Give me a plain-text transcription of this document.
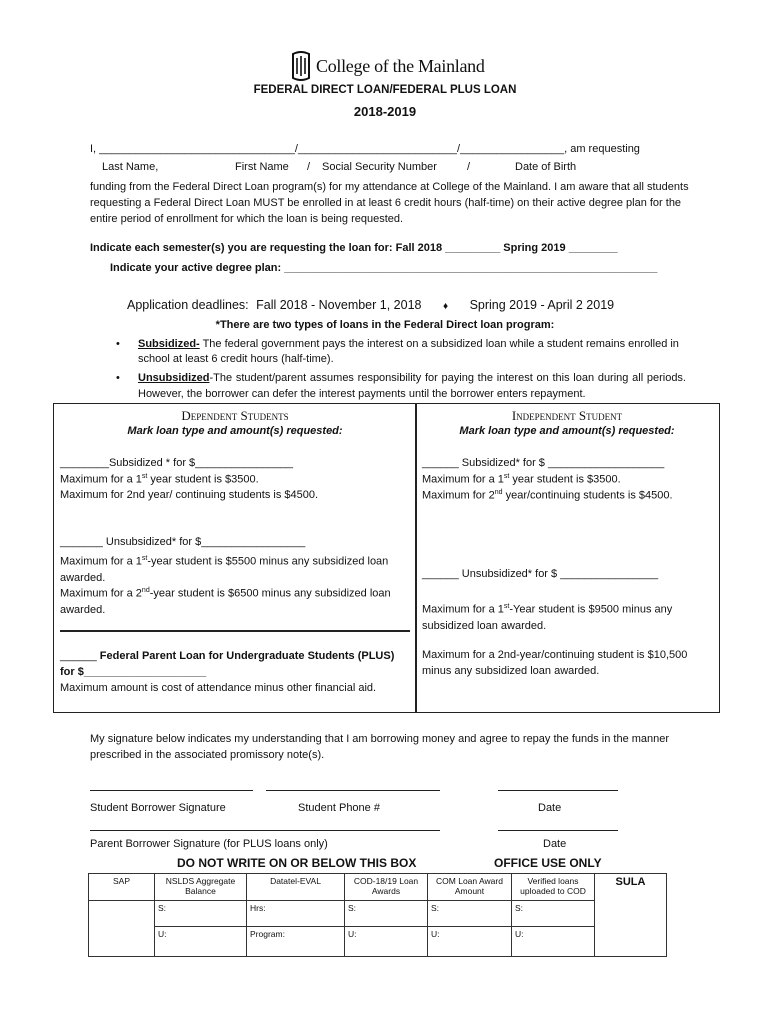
College of the Mainland
FEDERAL DIRECT LOAN/FEDERAL PLUS LOAN
2018-2019
I, ________________________________/__________________________/_________________, am requesting
Last Name,	First Name / Social Security Number	/	Date of Birth
funding from the Federal Direct Loan program(s) for my attendance at College of the Mainland. I am aware that all students requesting a Federal Direct Loan MUST be enrolled in at least 6 credit hours (half-time) on their active degree plan for the entire period of enrollment for which the loan is being requested.
Indicate each semester(s) you are requesting the loan for: Fall 2018 _________ Spring 2019 ________
Indicate your active degree plan: _____________________________________________________________
Application deadlines: Fall 2018 - November 1, 2018 ♦ Spring 2019 - April 2 2019
*There are two types of loans in the Federal Direct loan program:
• Subsidized- The federal government pays the interest on a subsidized loan while a student remains enrolled in school at least 6 credit hours (half-time).
• Unsubsidized-The student/parent assumes responsibility for paying the interest on this loan during all periods. However, the borrower can defer the interest payments until the borrower enters repayment.
Dependent Students
Mark loan type and amount(s) requested:
________Subsidized * for $________________
Maximum for a 1st year student is $3500.
Maximum for 2nd year/ continuing students is $4500.
_______ Unsubsidized* for $_________________
Maximum for a 1st-year student is $5500 minus any subsidized loan awarded.
Maximum for a 2nd-year student is $6500 minus any subsidized loan awarded.
______ Federal Parent Loan for Undergraduate Students (PLUS)
for $____________________
Maximum amount is cost of attendance minus other financial aid.
Independent Student
Mark loan type and amount(s) requested:
______ Subsidized* for $ ___________________
Maximum for a 1st year student is $3500.
Maximum for 2nd year/continuing students is $4500.
______ Unsubsidized* for $ ________________
Maximum for a 1st-Year student is $9500 minus any subsidized loan awarded.
Maximum for a 2nd-year/continuing student is $10,500 minus any subsidized loan awarded.
My signature below indicates my understanding that I am borrowing money and agree to repay the funds in the manner prescribed in the associated promissory note(s).
Student Borrower Signature	Student Phone #	Date
Parent Borrower Signature (for PLUS loans only)	Date
DO NOT WRITE ON OR BELOW THIS BOX	OFFICE USE ONLY
SAP	NSLDS Aggregate Balance	Datatel-EVAL	COD-18/19 Loan Awards	COM Loan Award Amount	Verified loans uploaded to COD	SULA
	S:	Hrs:	S:	S:	S:	
	U:	Program:	U:	U:	U:	
